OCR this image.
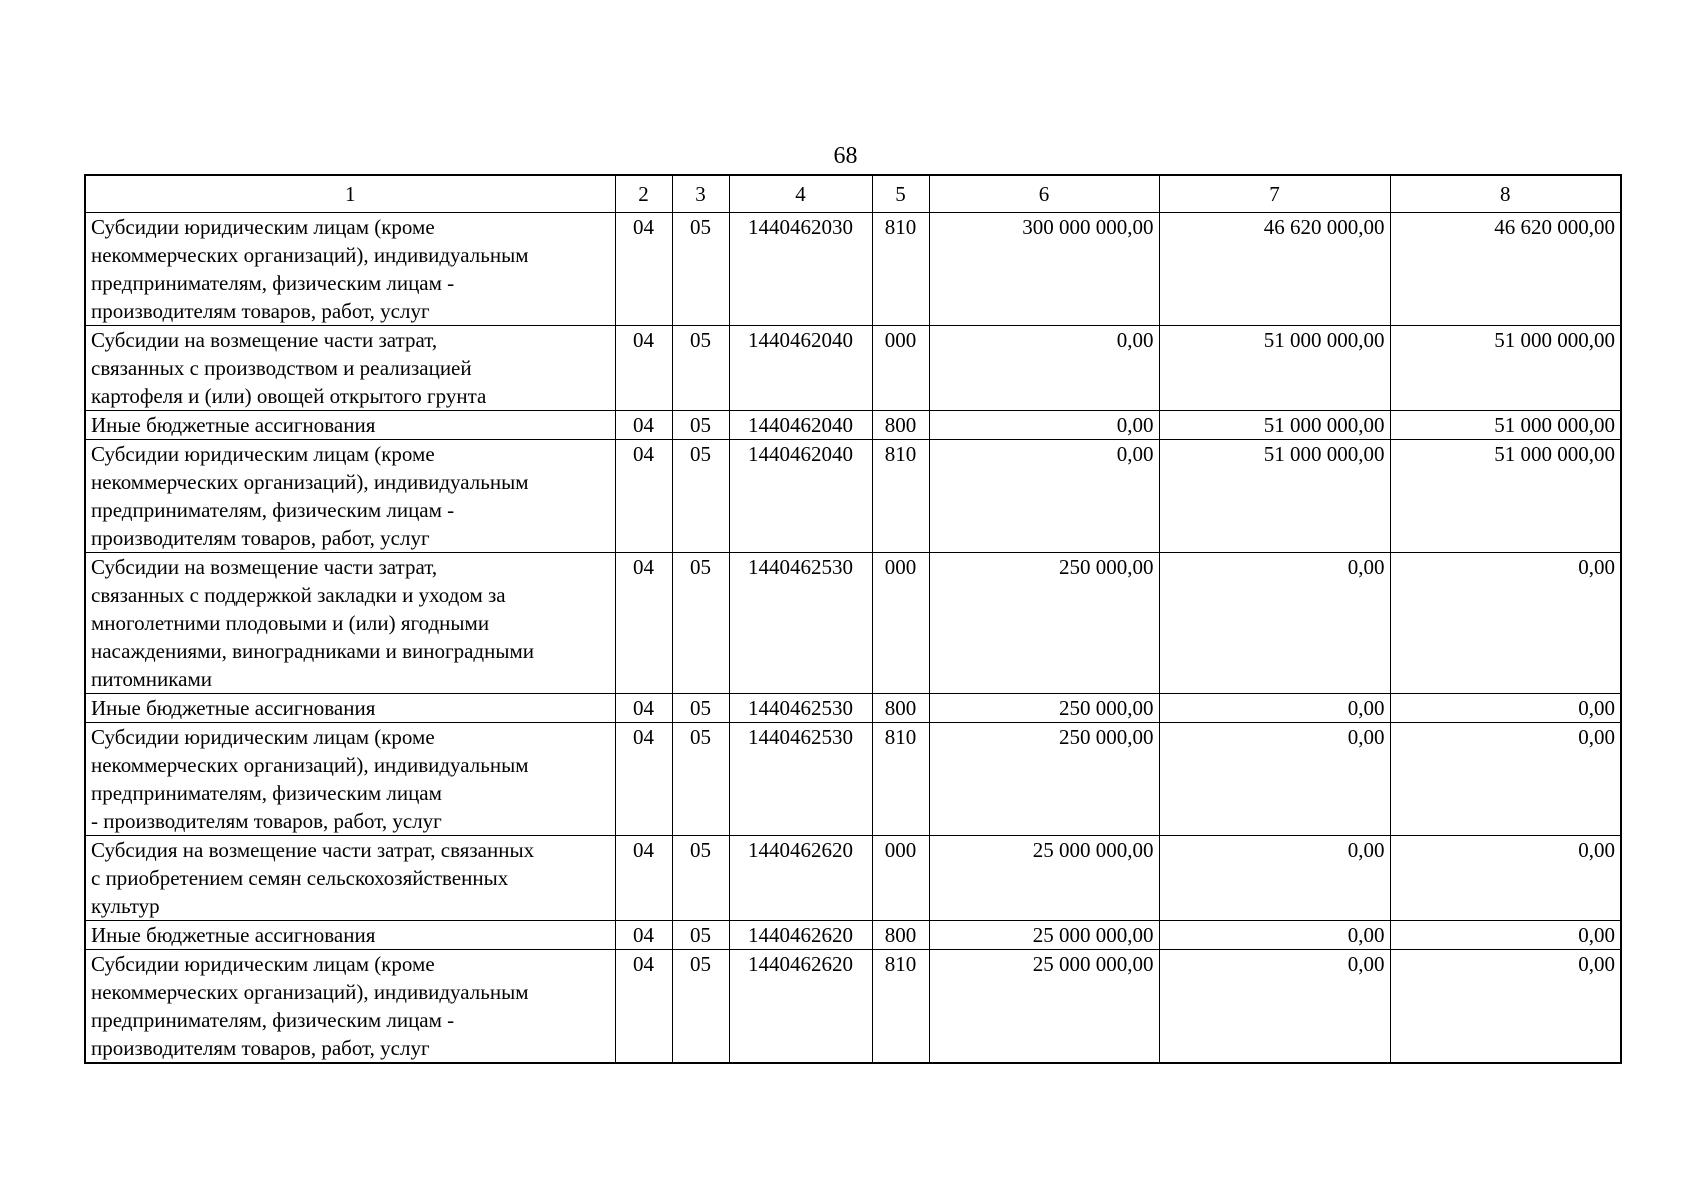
68
1	2	3	4	5	6	7	8

Субсидии юридическим лицам (кроме
некоммерческих организаций), индивидуальным
предпринимателям, физическим лицам -
производителям товаров, работ, услуг	04	05	1440462030	810	300 000 000,00	46 620 000,00	46 620 000,00

Субсидии на возмещение части затрат,
связанных с производством и реализацией
картофеля и (или) овощей открытого грунта	04	05	1440462040	000	0,00	51 000 000,00	51 000 000,00

Иные бюджетные ассигнования	04	05	1440462040	800	0,00	51 000 000,00	51 000 000,00

Субсидии юридическим лицам (кроме
некоммерческих организаций), индивидуальным
предпринимателям, физическим лицам -
производителям товаров, работ, услуг	04	05	1440462040	810	0,00	51 000 000,00	51 000 000,00

Субсидии на возмещение части затрат,
связанных с поддержкой закладки и уходом за
многолетними плодовыми и (или) ягодными
насаждениями, виноградниками и виноградными
питомниками	04	05	1440462530	000	250 000,00	0,00	0,00

Иные бюджетные ассигнования	04	05	1440462530	800	250 000,00	0,00	0,00

Субсидии юридическим лицам (кроме
некоммерческих организаций), индивидуальным
предпринимателям, физическим лицам
- производителям товаров, работ, услуг	04	05	1440462530	810	250 000,00	0,00	0,00

Субсидия на возмещение части затрат, связанных
с приобретением семян сельскохозяйственных
культур	04	05	1440462620	000	25 000 000,00	0,00	0,00

Иные бюджетные ассигнования	04	05	1440462620	800	25 000 000,00	0,00	0,00

Субсидии юридическим лицам (кроме
некоммерческих организаций), индивидуальным
предпринимателям, физическим лицам -
производителям товаров, работ, услуг	04	05	1440462620	810	25 000 000,00	0,00	0,00
